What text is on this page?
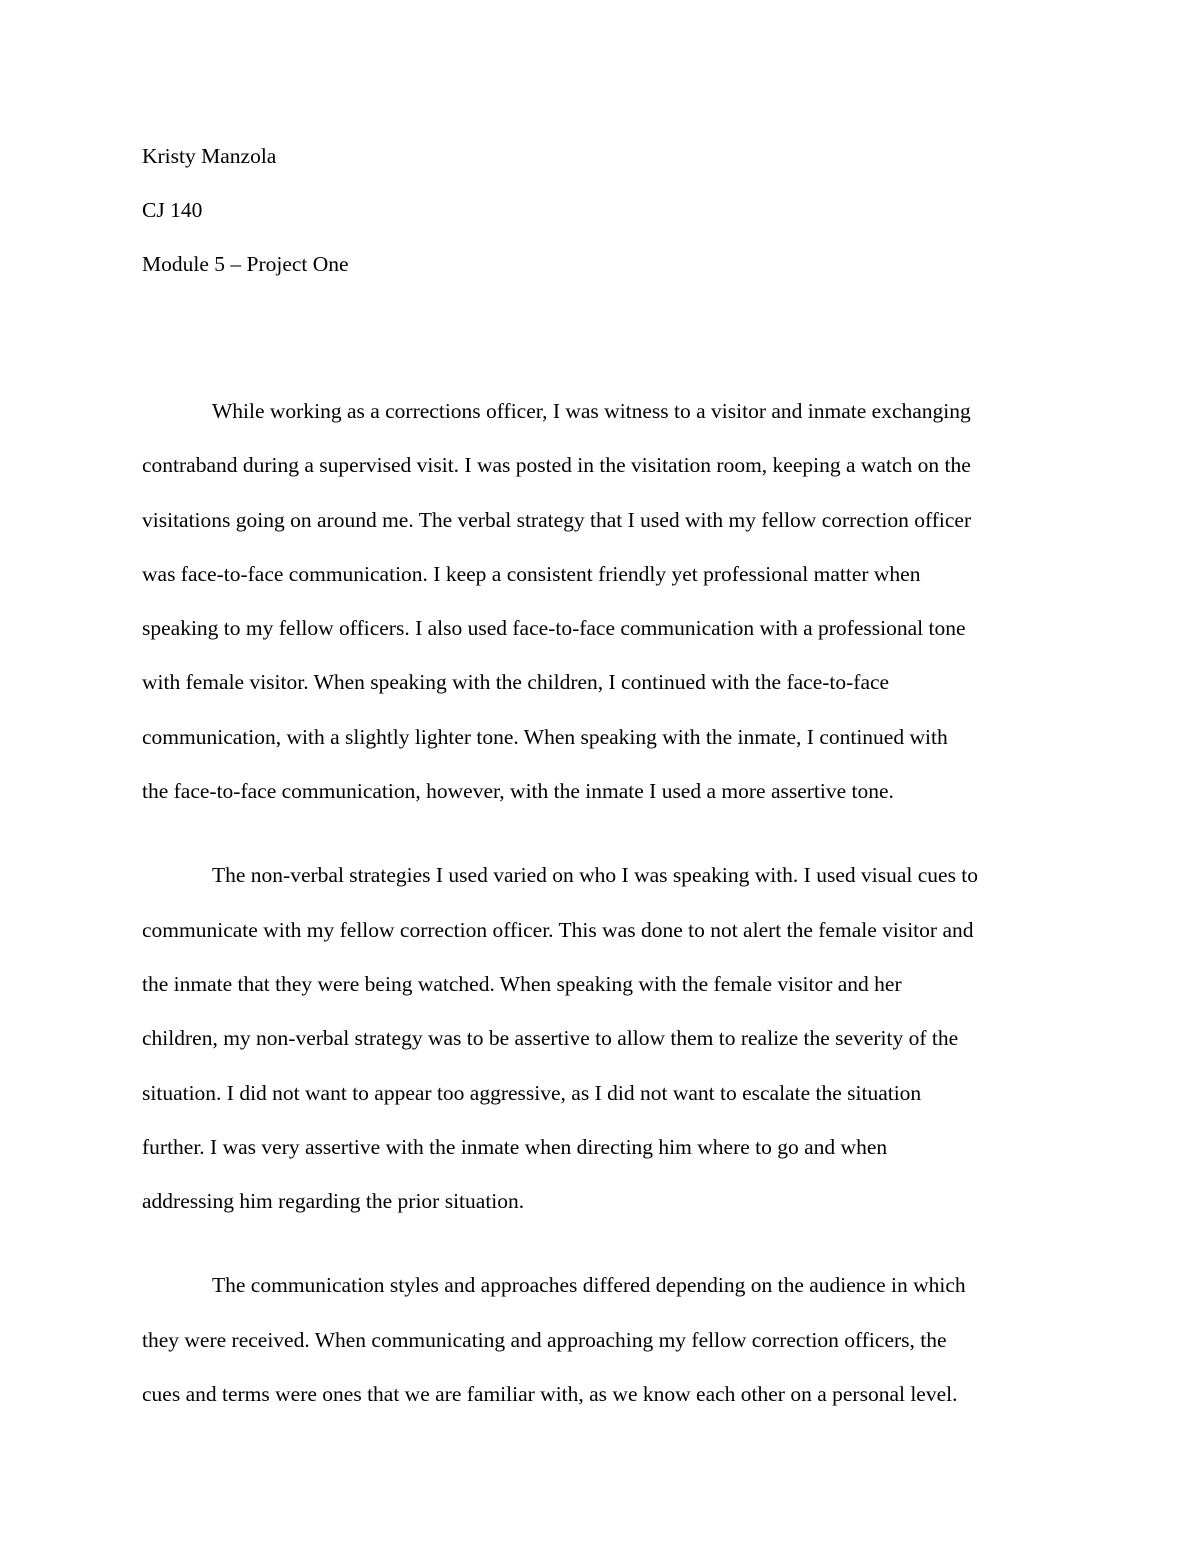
Kristy Manzola
CJ 140
Module 5 – Project One
While working as a corrections officer, I was witness to a visitor and inmate exchanging
contraband during a supervised visit. I was posted in the visitation room, keeping a watch on the
visitations going on around me. The verbal strategy that I used with my fellow correction officer
was face-to-face communication. I keep a consistent friendly yet professional matter when
speaking to my fellow officers. I also used face-to-face communication with a professional tone
with female visitor. When speaking with the children, I continued with the face-to-face
communication, with a slightly lighter tone. When speaking with the inmate, I continued with
the face-to-face communication, however, with the inmate I used a more assertive tone.
The non-verbal strategies I used varied on who I was speaking with. I used visual cues to
communicate with my fellow correction officer. This was done to not alert the female visitor and
the inmate that they were being watched. When speaking with the female visitor and her
children, my non-verbal strategy was to be assertive to allow them to realize the severity of the
situation. I did not want to appear too aggressive, as I did not want to escalate the situation
further. I was very assertive with the inmate when directing him where to go and when
addressing him regarding the prior situation.
The communication styles and approaches differed depending on the audience in which
they were received. When communicating and approaching my fellow correction officers, the
cues and terms were ones that we are familiar with, as we know each other on a personal level.
